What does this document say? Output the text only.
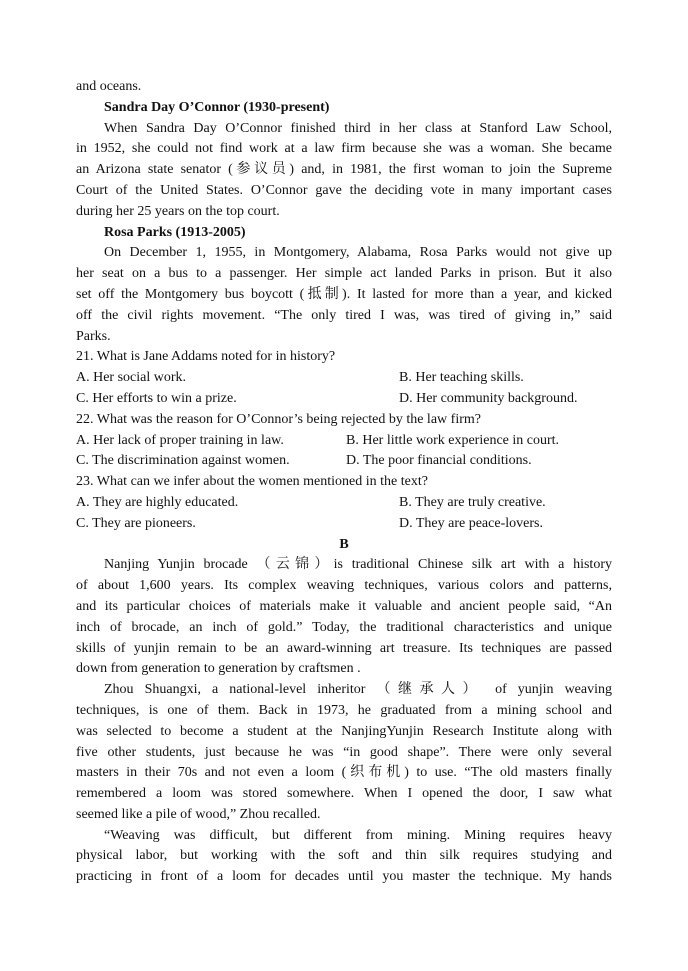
and oceans.
Sandra Day O’Connor (1930-present)
When Sandra Day O’Connor finished third in her class at Stanford Law School,
in 1952, she could not find work at a law firm because she was a woman. She became
an Arizona state senator (参议员) and, in 1981, the first woman to join the Supreme
Court of the United States. O’Connor gave the deciding vote in many important cases
during her 25 years on the top court.
Rosa Parks (1913-2005)
On December 1, 1955, in Montgomery, Alabama, Rosa Parks would not give up
her seat on a bus to a passenger. Her simple act landed Parks in prison. But it also
set off the Montgomery bus boycott (抵制). It lasted for more than a year, and kicked
off the civil rights movement. “The only tired I was, was tired of giving in,” said
Parks.
21. What is Jane Addams noted for in history?
A. Her social work.	B. Her teaching skills.
C. Her efforts to win a prize.	D. Her community background.
22. What was the reason for O’Connor’s being rejected by the law firm?
A. Her lack of proper training in law.	B. Her little work experience in court.
C. The discrimination against women.	D. The poor financial conditions.
23. What can we infer about the women mentioned in the text?
A. They are highly educated.	B. They are truly creative.
C. They are pioneers.	D. They are peace-lovers.
B
Nanjing Yunjin brocade （云锦）is traditional Chinese silk art with a history
of about 1,600 years. Its complex weaving techniques, various colors and patterns,
and its particular choices of materials make it valuable and ancient people said, “An
inch of brocade, an inch of gold.” Today, the traditional characteristics and unique
skills of yunjin remain to be an award-winning art treasure. Its techniques are passed
down from generation to generation by craftsmen .
Zhou Shuangxi, a national-level inheritor （继承人） of yunjin weaving
techniques, is one of them. Back in 1973, he graduated from a mining school and
was selected to become a student at the NanjingYunjin Research Institute along with
five other students, just because he was “in good shape”. There were only several
masters in their 70s and not even a loom (织布机) to use. “The old masters finally
remembered a loom was stored somewhere. When I opened the door, I saw what
seemed like a pile of wood,” Zhou recalled.
“Weaving was difficult, but different from mining. Mining requires heavy
physical labor, but working with the soft and thin silk requires studying and
practicing in front of a loom for decades until you master the technique. My hands
